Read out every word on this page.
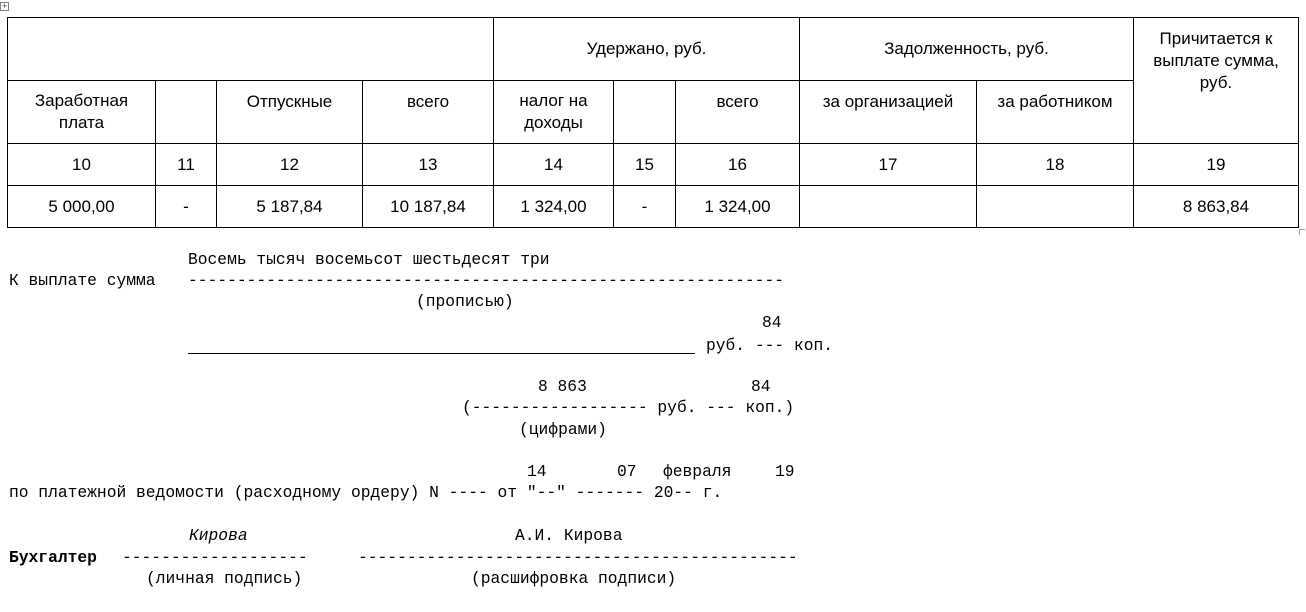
+
				Удержано, руб.			Задолженность, руб.		Причитается к выплате сумма, руб.
Заработная плата		Отпускные	всего	налог на доходы		всего	за организацией	за работником	
10	11	12	13	14	15	16	17	18	19
5 000,00	-	5 187,84	10 187,84	1 324,00	-	1 324,00			8 863,84
Восемь тысяч восемьсот шестьдесят три
К выплате сумма -------------------------------------------------------------
(прописью)
84
руб. --- коп.
8 863	84
(------------------ руб. --- коп.)
(цифрами)
14	07 февраля	19
по платежной ведомости (расходному ордеру) N ---- от "--" ------- 20-- г.
Кирова	А.И. Кирова
Бухгалтер -------------------	---------------------------------------------
(личная подпись)	(расшифровка подписи)
